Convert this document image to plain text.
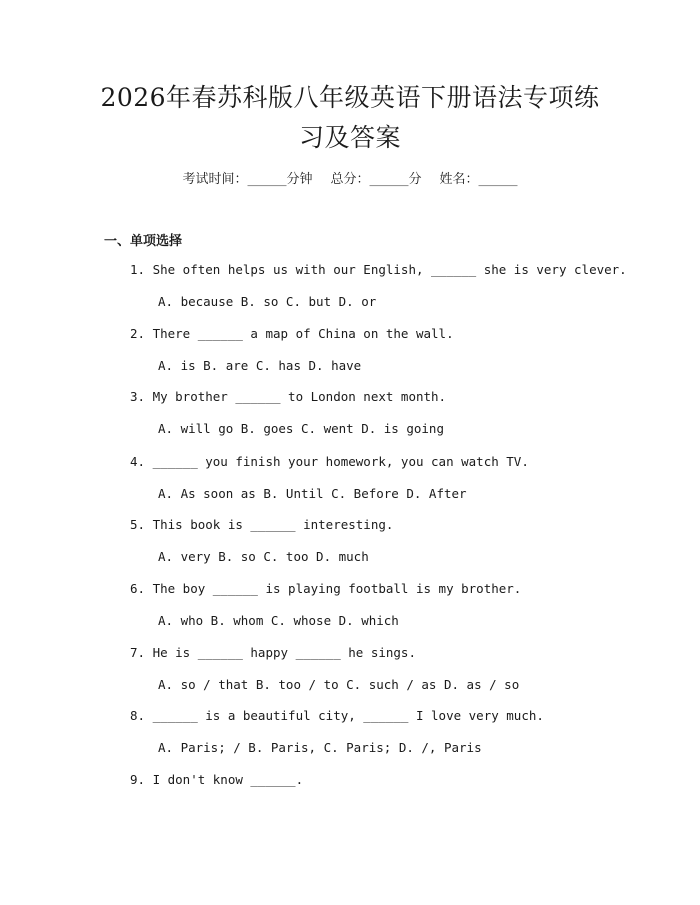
2026年春苏科版八年级英语下册语法专项练
习及答案
考试时间：______分钟 总分：______分 姓名：______
一、单项选择
1. She often helps us with our English, ______ she is very clever.
A. because B. so C. but D. or
2. There ______ a map of China on the wall.
A. is B. are C. has D. have
3. My brother ______ to London next month.
A. will go B. goes C. went D. is going
4. ______ you finish your homework, you can watch TV.
A. As soon as B. Until C. Before D. After
5. This book is ______ interesting.
A. very B. so C. too D. much
6. The boy ______ is playing football is my brother.
A. who B. whom C. whose D. which
7. He is ______ happy ______ he sings.
A. so / that B. too / to C. such / as D. as / so
8. ______ is a beautiful city, ______ I love very much.
A. Paris; / B. Paris, C. Paris; D. /, Paris
9. I don't know ______.
